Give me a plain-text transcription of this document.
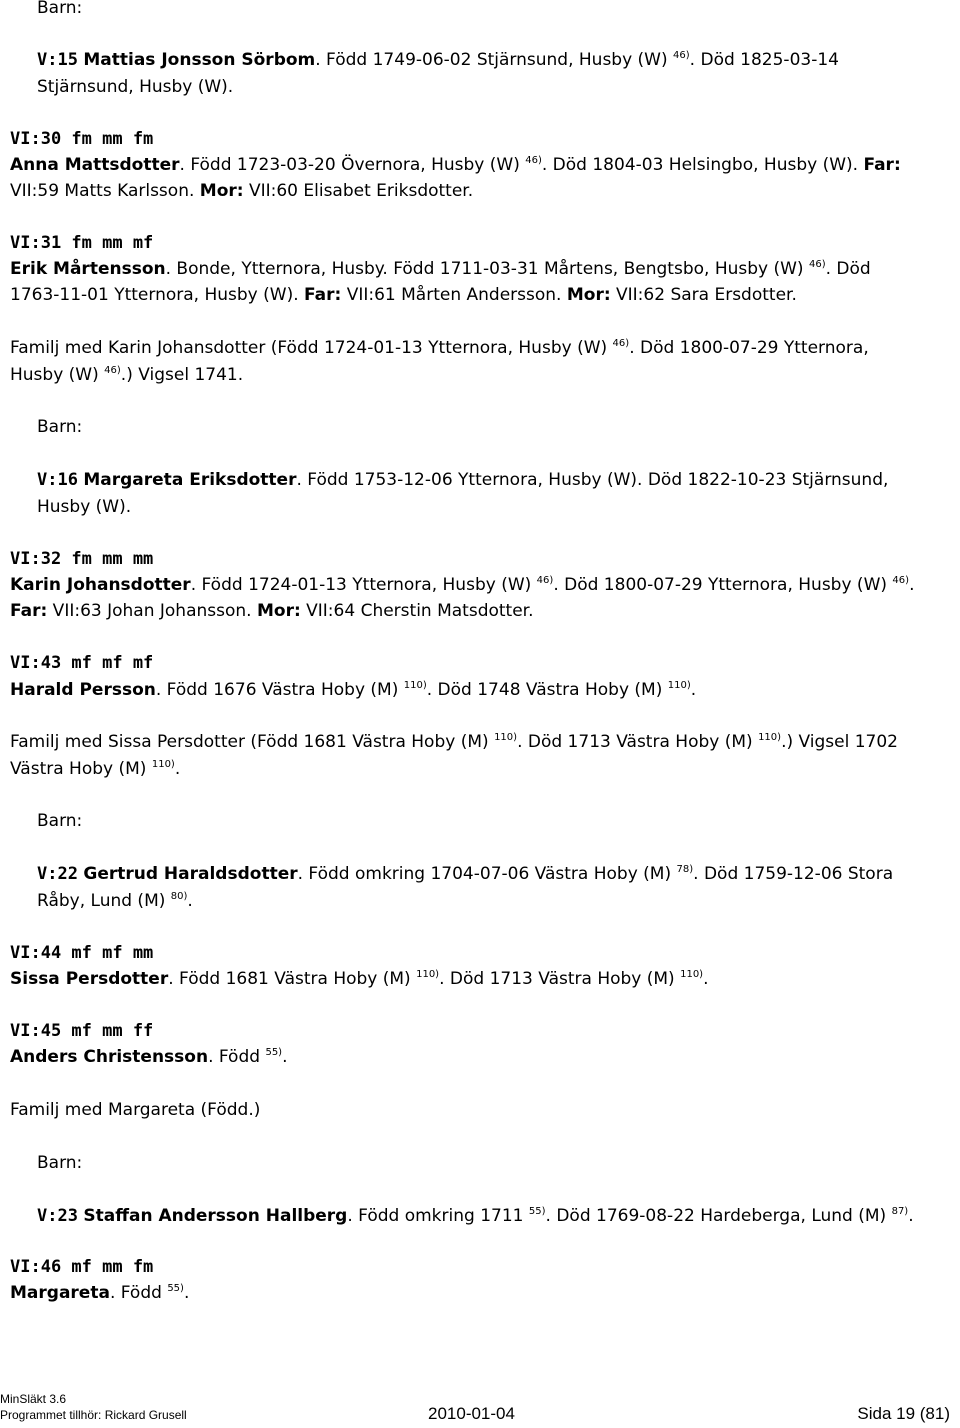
Barn:
V:15 Mattias Jonsson Sörbom. Född 1749-06-02 Stjärnsund, Husby (W) $^{46)}$. Död 1825-03-14
Stjärnsund, Husby (W).
VI:30 fm mm fm
Anna Mattsdotter. Född 1723-03-20 Övernora, Husby (W) $^{46)}$. Död 1804-03 Helsingbo, Husby (W). Far:
VII:59 Matts Karlsson. Mor: VII:60 Elisabet Eriksdotter.
VI:31 fm mm mf
Erik Mårtensson. Bonde, Ytternora, Husby. Född 1711-03-31 Mårtens, Bengtsbo, Husby (W) $^{46)}$. Död
1763-11-01 Ytternora, Husby (W). Far: VII:61 Mårten Andersson. Mor: VII:62 Sara Ersdotter.
Familj med Karin Johansdotter (Född 1724-01-13 Ytternora, Husby (W) $^{46)}$. Död 1800-07-29 Ytternora,
Husby (W) $^{46)}$.) Vigsel 1741.
Barn:
V:16 Margareta Eriksdotter. Född 1753-12-06 Ytternora, Husby (W). Död 1822-10-23 Stjärnsund,
Husby (W).
VI:32 fm mm mm
Karin Johansdotter. Född 1724-01-13 Ytternora, Husby (W) $^{46)}$. Död 1800-07-29 Ytternora, Husby (W) $^{46)}$.
Far: VII:63 Johan Johansson. Mor: VII:64 Cherstin Matsdotter.
VI:43 mf mf mf
Harald Persson. Född 1676 Västra Hoby (M) $^{110)}$. Död 1748 Västra Hoby (M) $^{110)}$.
Familj med Sissa Persdotter (Född 1681 Västra Hoby (M) $^{110)}$. Död 1713 Västra Hoby (M) $^{110)}$.) Vigsel 1702
Västra Hoby (M) $^{110)}$.
Barn:
V:22 Gertrud Haraldsdotter. Född omkring 1704-07-06 Västra Hoby (M) $^{78)}$. Död 1759-12-06 Stora
Råby, Lund (M) $^{80)}$.
VI:44 mf mf mm
Sissa Persdotter. Född 1681 Västra Hoby (M) $^{110)}$. Död 1713 Västra Hoby (M) $^{110)}$.
VI:45 mf mm ff
Anders Christensson. Född $^{55)}$.
Familj med Margareta (Född.)
Barn:
V:23 Staffan Andersson Hallberg. Född omkring 1711 $^{55)}$. Död 1769-08-22 Hardeberga, Lund (M) $^{87)}$.
VI:46 mf mm fm
Margareta. Född $^{55)}$.
MinSläkt 3.6
Programmet tillhör: Rickard Grusell	2010-01-04	Sida 19 (81)
